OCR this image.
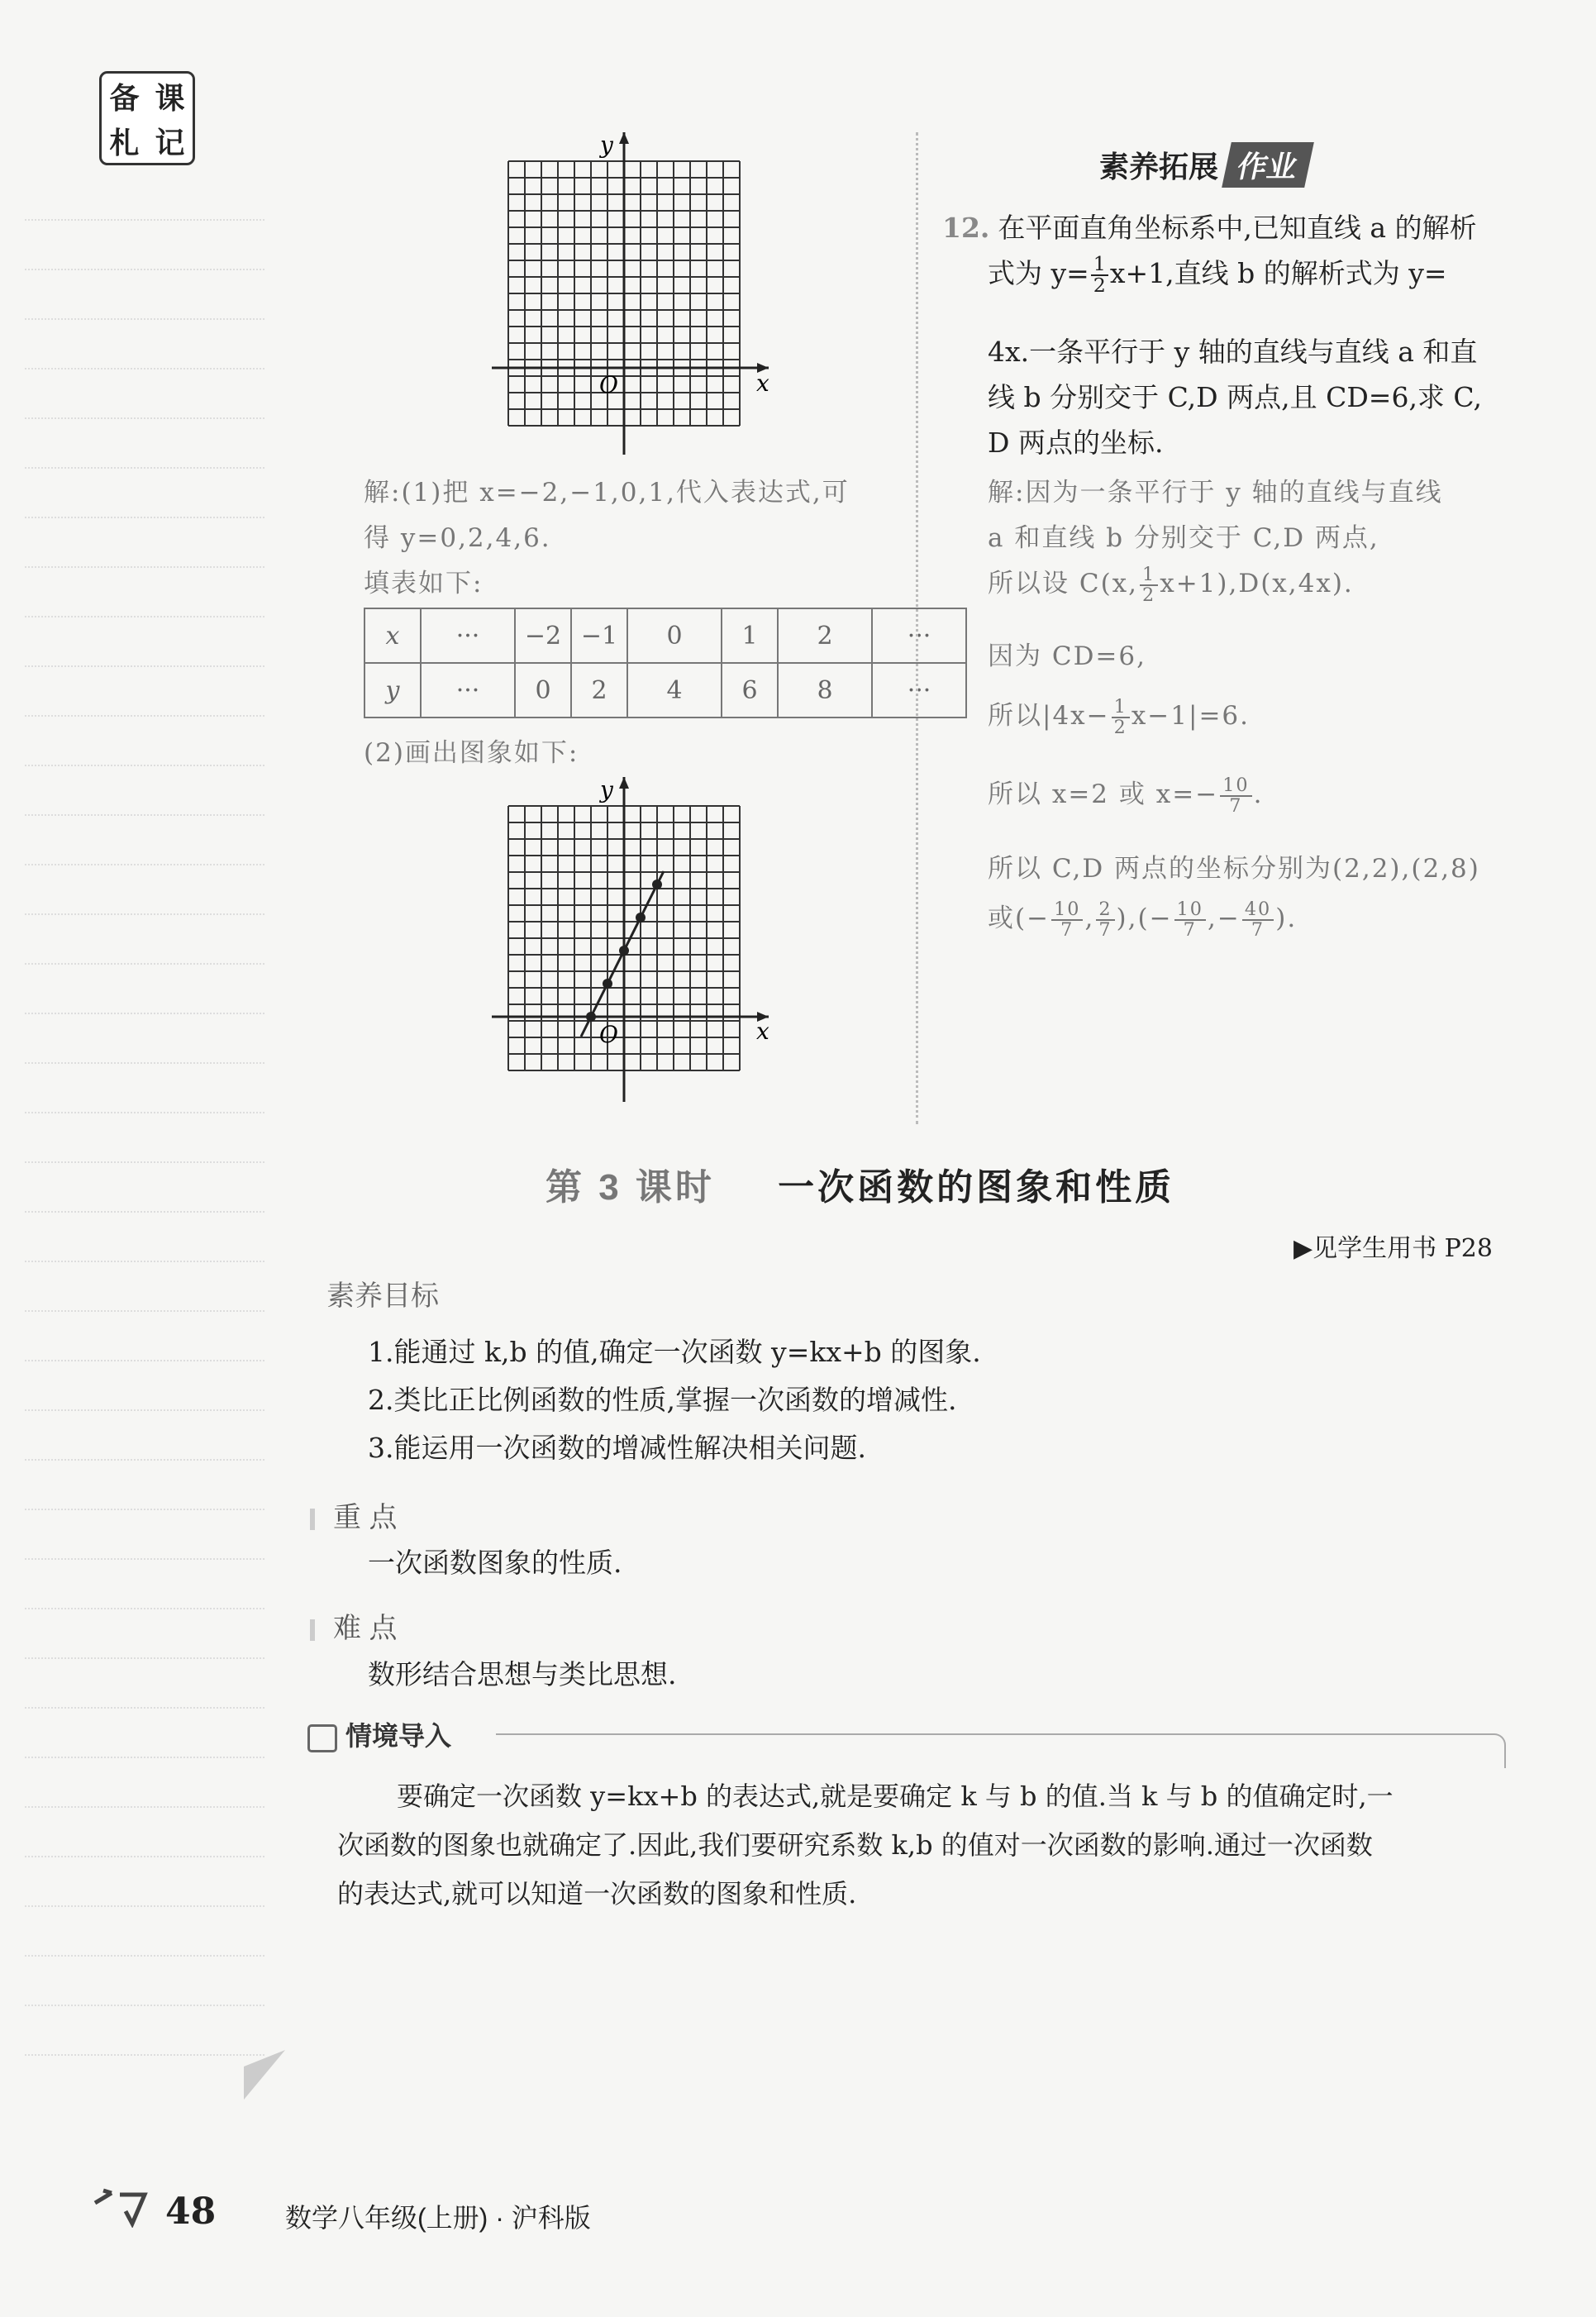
备 课
札 记
x
y
O
解:(1)把 x=−2,−1,0,1,代入表达式,可
得 y=0,2,4,6.
填表如下:
x	···	−2	−1	0	1	2	···
y	···	0	2	4	6	8	···
(2)画出图象如下:
x
y
O
素养拓展 作业
12. 在平面直角坐标系中,已知直线 a 的解析
式为 $y= \frac{1}{2} x+1$,直线 b 的解析式为 y=
4x.一条平行于 y 轴的直线与直线 a 和直
线 b 分别交于 C,D 两点,且 CD=6,求 C,
D 两点的坐标.
解:因为一条平行于 y 轴的直线与直线
a 和直线 b 分别交于 C,D 两点,
所以设 C(x, $\frac{1}{2} x+1),D(x,4x)$.
因为 CD=6,
所以$|4x- \frac{1}{2} x-1|=6$.
所以 x=2 或 $x=- \frac{10}{7}$ .
所以 C,D 两点的坐标分别为(2,2),(2,8)
或(− $\frac{10}{7}$ , $\frac{2}{7}$ ),(− $\frac{10}{7}$ ,− $\frac{40}{7}$ ).
第 3 课时 一次函数的图象和性质
▶见学生用书 P28
素养目标
1.能通过 k,b 的值,确定一次函数 y=kx+b 的图象.
2.类比正比例函数的性质,掌握一次函数的增减性.
3.能运用一次函数的增减性解决相关问题.
重 点
一次函数图象的性质.
难 点
数形结合思想与类比思想.
情境导入
要确定一次函数 y=kx+b 的表达式,就是要确定 k 与 b 的值.当 k 与 b 的值确定时,一
次函数的图象也就确定了.因此,我们要研究系数 k,b 的值对一次函数的影响.通过一次函数
的表达式,就可以知道一次函数的图象和性质.
48	数学八年级(上册) · 沪科版
